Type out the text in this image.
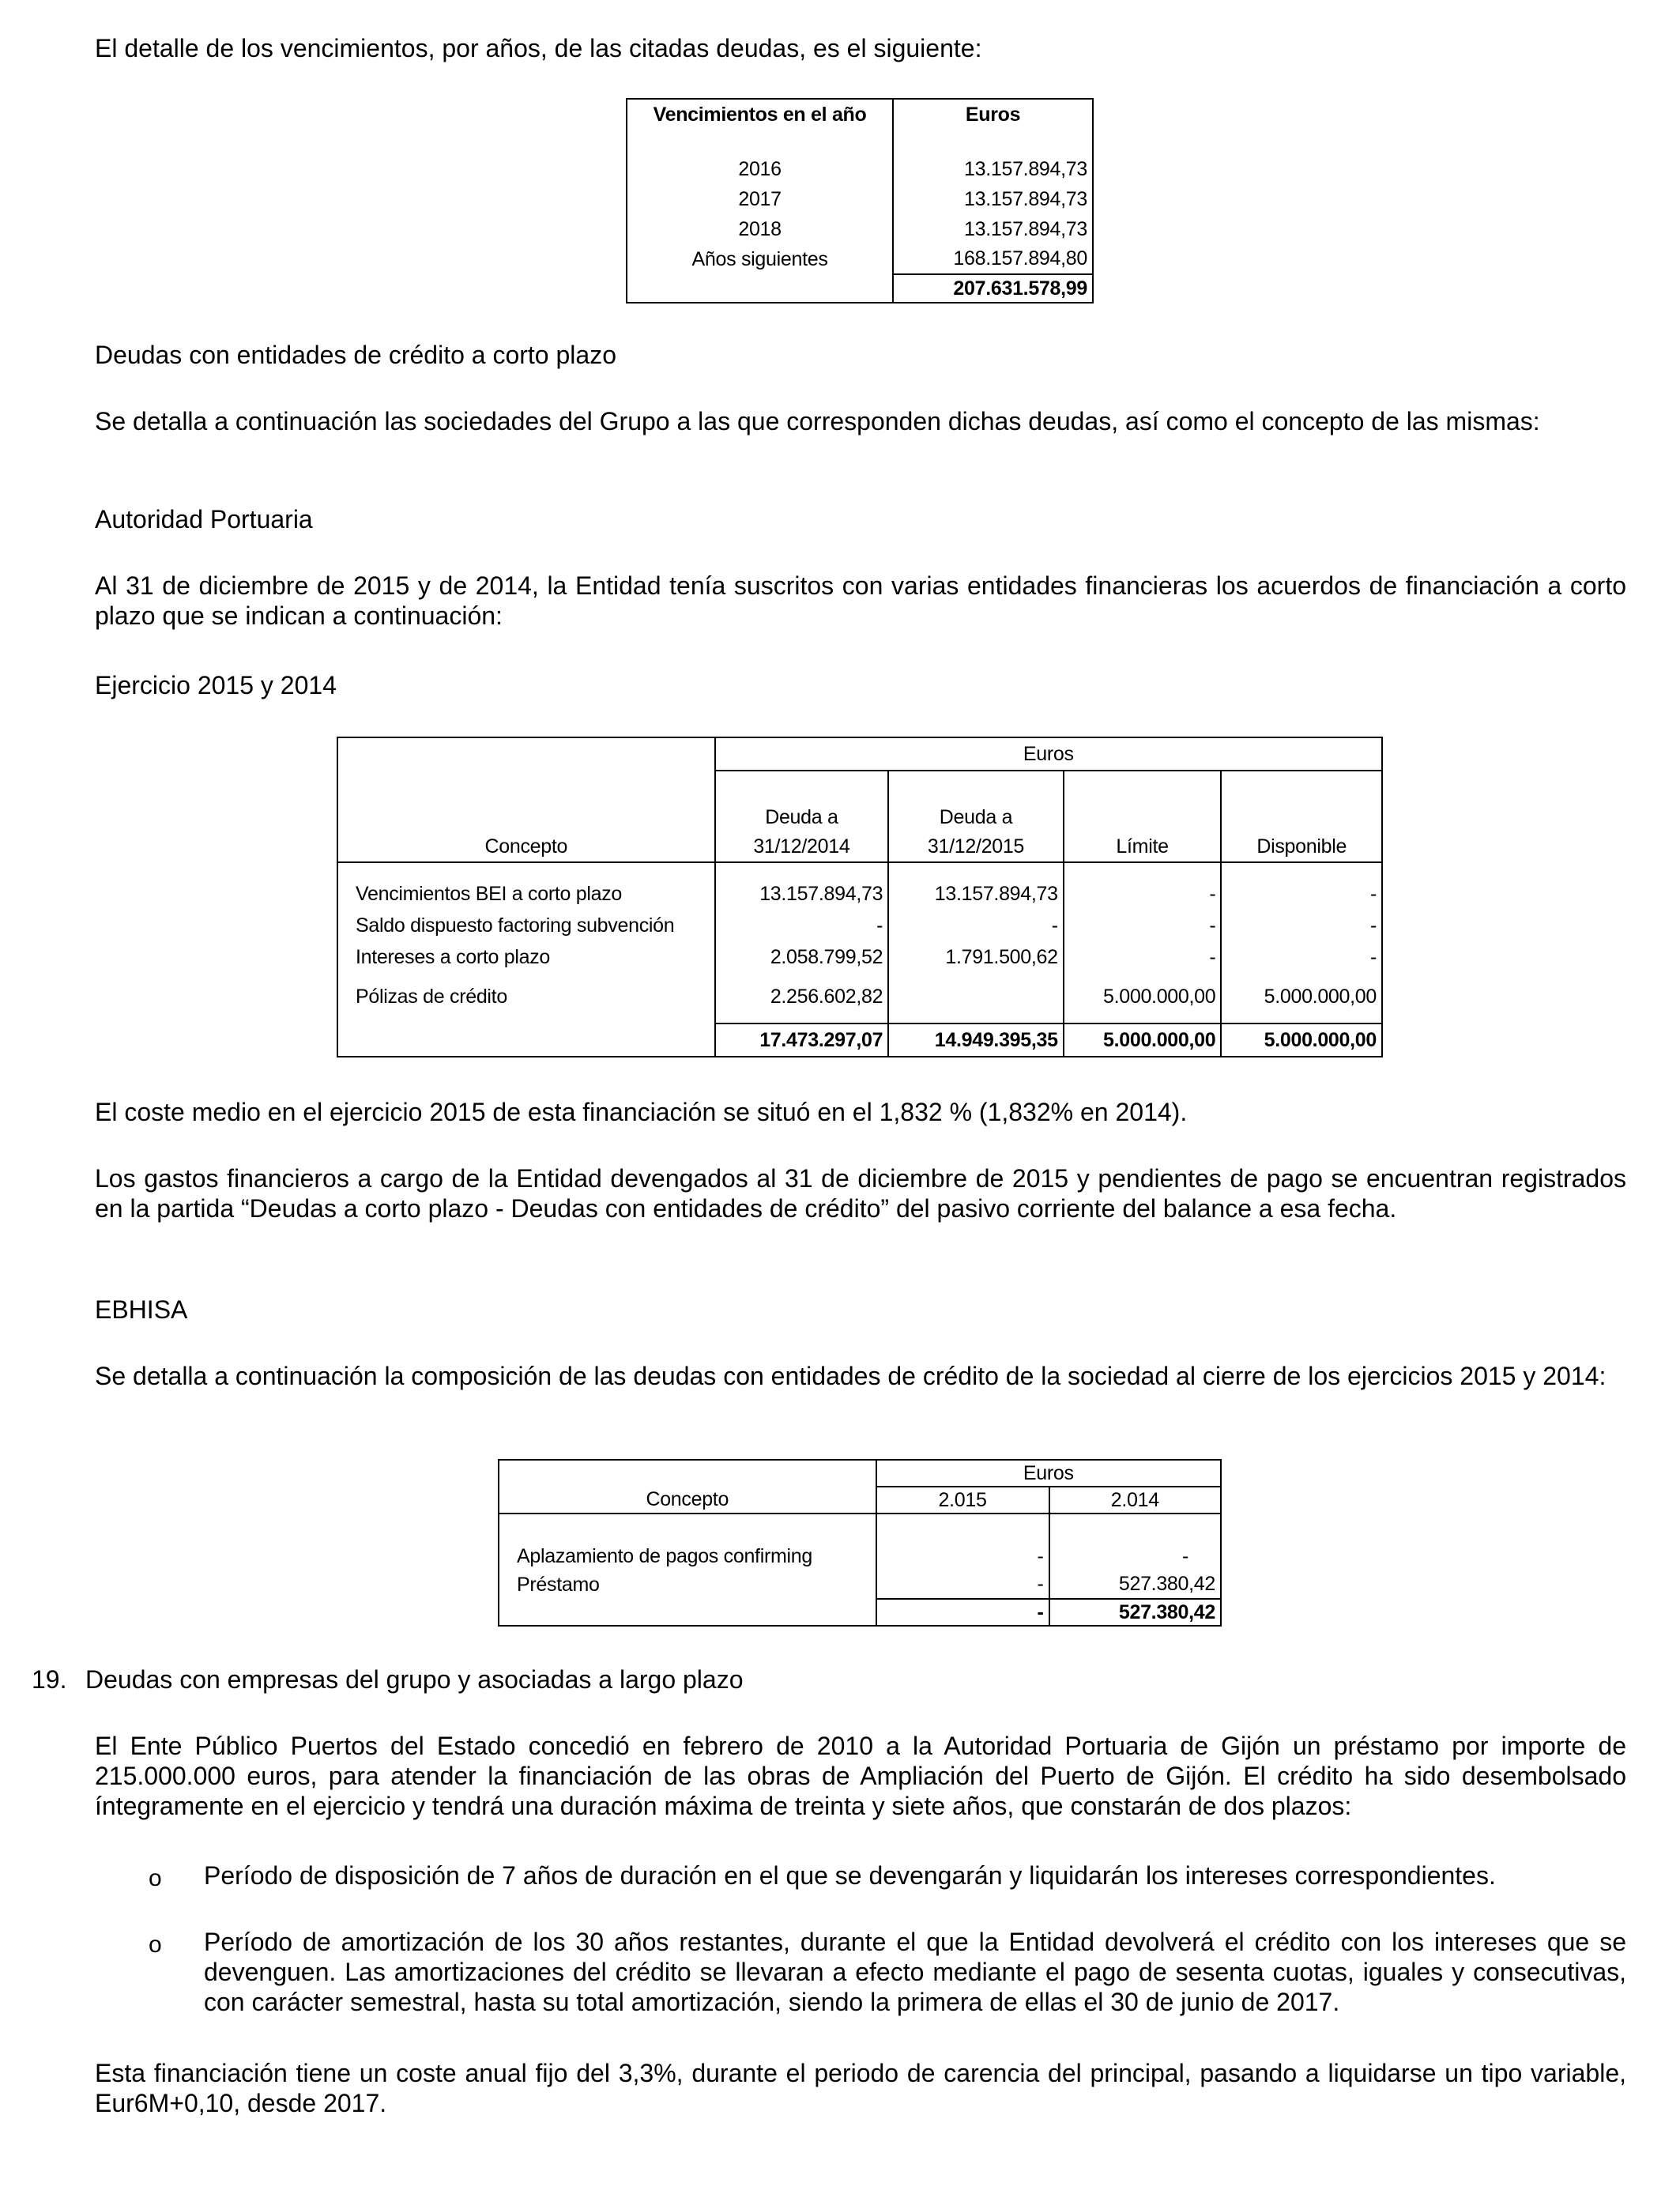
El detalle de los vencimientos, por años, de las citadas deudas, es el siguiente:

Vencimientos en el año	Euros

2016	13.157.894,73
2017	13.157.894,73
2018	13.157.894,73
Años siguientes	168.157.894,80
	207.631.578,99

Deudas con entidades de crédito a corto plazo

Se detalla a continuación las sociedades del Grupo a las que corresponden dichas deudas, así como el concepto de las mismas:

Autoridad Portuaria

Al 31 de diciembre de 2015 y de 2014, la Entidad tenía suscritos con varias entidades financieras los acuerdos de financiación a corto plazo que se indican a continuación:

Ejercicio 2015 y 2014

	Euros			

	Deuda a	Deuda a		
Concepto	31/12/2014	31/12/2015	Límite	Disponible

Vencimientos BEI a corto plazo	13.157.894,73	13.157.894,73	-	-
Saldo dispuesto factoring subvención	-	-	-	-
Intereses a corto plazo	2.058.799,52	1.791.500,62	-	-

Pólizas de crédito	2.256.602,82		5.000.000,00	5.000.000,00

	17.473.297,07	14.949.395,35	5.000.000,00	5.000.000,00

El coste medio en el ejercicio 2015 de esta financiación se situó en el 1,832 % (1,832% en 2014).

Los gastos financieros a cargo de la Entidad devengados al 31 de diciembre de 2015 y pendientes de pago se encuentran registrados en la partida “Deudas a corto plazo - Deudas con entidades de crédito” del pasivo corriente del balance a esa fecha.

EBHISA

Se detalla a continuación la composición de las deudas con entidades de crédito de la sociedad al cierre de los ejercicios 2015 y 2014:

	Euros	
Concepto	2.015	2.014

Aplazamiento de pagos confirming	-	-
Préstamo	-	527.380,42
	-	527.380,42
19. Deudas con empresas del grupo y asociadas a largo plazo

El Ente Público Puertos del Estado concedió en febrero de 2010 a la Autoridad Portuaria de Gijón un préstamo por importe de 215.000.000 euros, para atender la financiación de las obras de Ampliación del Puerto de Gijón. El crédito ha sido desembolsado íntegramente en el ejercicio y tendrá una duración máxima de treinta y siete años, que constarán de dos plazos:

o Período de disposición de 7 años de duración en el que se devengarán y liquidarán los intereses correspondientes.

o Período de amortización de los 30 años restantes, durante el que la Entidad devolverá el crédito con los intereses que se devenguen. Las amortizaciones del crédito se llevaran a efecto mediante el pago de sesenta cuotas, iguales y consecutivas, con carácter semestral, hasta su total amortización, siendo la primera de ellas el 30 de junio de 2017.

Esta financiación tiene un coste anual fijo del 3,3%, durante el periodo de carencia del principal, pasando a liquidarse un tipo variable, Eur6M+0,10, desde 2017.
